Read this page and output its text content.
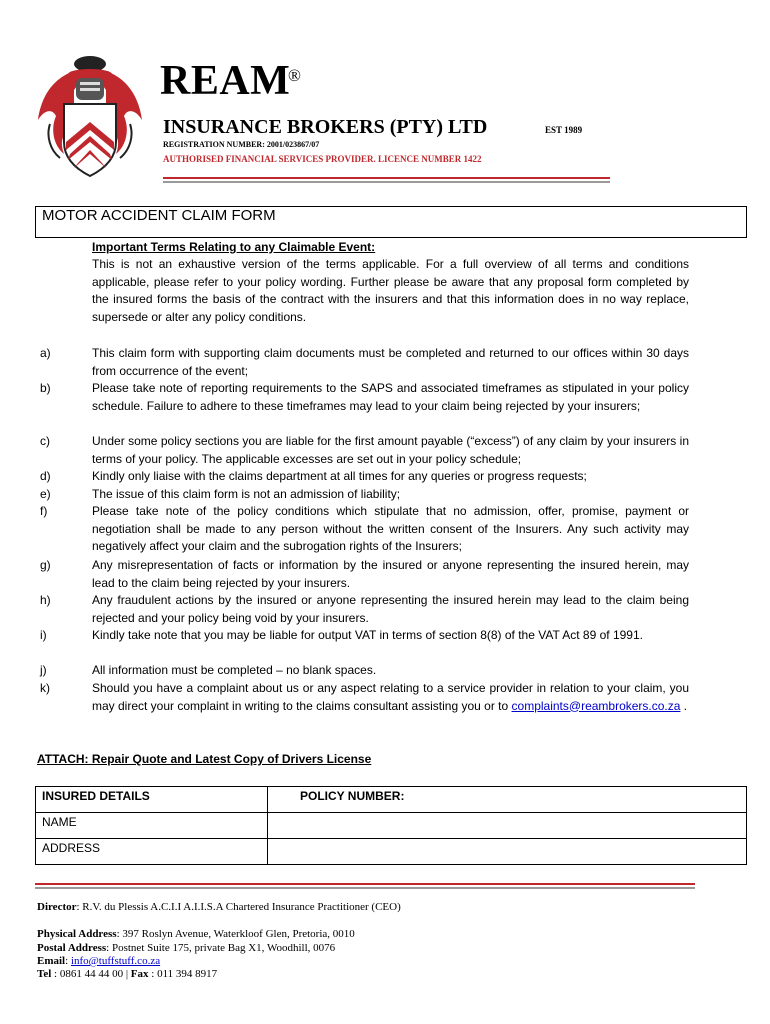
REAM
®
INSURANCE BROKERS (PTY) LTD	EST 1989
REGISTRATION NUMBER: 2001/023867/07
AUTHORISED FINANCIAL SERVICES PROVIDER. LICENCE NUMBER 1422
MOTOR ACCIDENT CLAIM FORM
Important Terms Relating to any Claimable Event:
This is not an exhaustive version of the terms applicable. For a full overview of all terms and conditions applicable, please refer to your policy wording. Further please be aware that any proposal form completed by the insured forms the basis of the contract with the insurers and that this information does in no way replace, supersede or alter any policy conditions.
a)	This claim form with supporting claim documents must be completed and returned to our offices within 30 days from occurrence of the event;
b)	Please take note of reporting requirements to the SAPS and associated timeframes as stipulated in your policy schedule. Failure to adhere to these timeframes may lead to your claim being rejected by your insurers;
c)	Under some policy sections you are liable for the first amount payable (“excess”) of any claim by your insurers in terms of your policy. The applicable excesses are set out in your policy schedule;
d)	Kindly only liaise with the claims department at all times for any queries or progress requests;
e)	The issue of this claim form is not an admission of liability;
f)	Please take note of the policy conditions which stipulate that no admission, offer, promise, payment or negotiation shall be made to any person without the written consent of the Insurers. Any such activity may negatively affect your claim and the subrogation rights of the Insurers;
g)	Any misrepresentation of facts or information by the insured or anyone representing the insured herein, may lead to the claim being rejected by your insurers.
h)	Any fraudulent actions by the insured or anyone representing the insured herein may lead to the claim being rejected and your policy being void by your insurers.
i)	Kindly take note that you may be liable for output VAT in terms of section 8(8) of the VAT Act 89 of 1991.
j)	All information must be completed – no blank spaces.
k)	Should you have a complaint about us or any aspect relating to a service provider in relation to your claim, you may direct your complaint in writing to the claims consultant assisting you or to complaints@reambrokers.co.za .
ATTACH: Repair Quote and Latest Copy of Drivers License
INSURED DETAILS	POLICY NUMBER:
NAME	
ADDRESS	
Director: R.V. du Plessis A.C.I.I A.I.I.S.A Chartered Insurance Practitioner (CEO)
Physical Address: 397 Roslyn Avenue, Waterkloof Glen, Pretoria, 0010
Postal Address: Postnet Suite 175, private Bag X1, Woodhill, 0076
Email: info@tuffstuff.co.za
Tel : 0861 44 44 00 | Fax : 011 394 8917
